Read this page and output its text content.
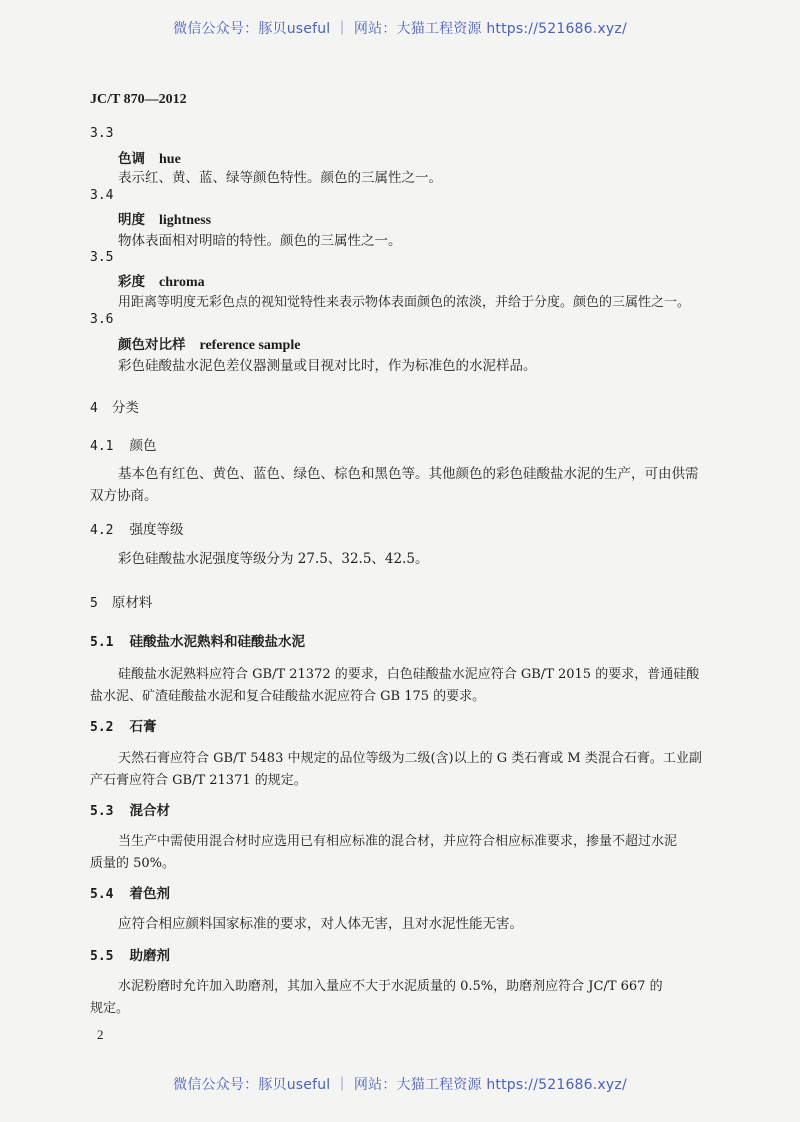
微信公众号：豚贝useful ｜ 网站：大猫工程资源 https://521686.xyz/
JC/T 870—2012
3.3
色调 hue
表示红、黄、蓝、绿等颜色特性。颜色的三属性之一。
3.4
明度 lightness
物体表面相对明暗的特性。颜色的三属性之一。
3.5
彩度 chroma
用距离等明度无彩色点的视知觉特性来表示物体表面颜色的浓淡，并给于分度。颜色的三属性之一。
3.6
颜色对比样 reference sample
彩色硅酸盐水泥色差仪器测量或目视对比时，作为标准色的水泥样品。
4 分类
4.1 颜色
基本色有红色、黄色、蓝色、绿色、棕色和黑色等。其他颜色的彩色硅酸盐水泥的生产，可由供需
双方协商。
4.2 强度等级
彩色硅酸盐水泥强度等级分为 27.5、32.5、42.5。
5 原材料
5.1 硅酸盐水泥熟料和硅酸盐水泥
硅酸盐水泥熟料应符合 GB/T 21372 的要求，白色硅酸盐水泥应符合 GB/T 2015 的要求，普通硅酸
盐水泥、矿渣硅酸盐水泥和复合硅酸盐水泥应符合 GB 175 的要求。
5.2 石膏
天然石膏应符合 GB/T 5483 中规定的品位等级为二级(含)以上的 G 类石膏或 M 类混合石膏。工业副
产石膏应符合 GB/T 21371 的规定。
5.3 混合材
当生产中需使用混合材时应选用已有相应标准的混合材，并应符合相应标准要求，掺量不超过水泥
质量的 50%。
5.4 着色剂
应符合相应颜料国家标准的要求，对人体无害，且对水泥性能无害。
5.5 助磨剂
水泥粉磨时允许加入助磨剂，其加入量应不大于水泥质量的 0.5%，助磨剂应符合 JC/T 667 的
规定。
2
微信公众号：豚贝useful ｜ 网站：大猫工程资源 https://521686.xyz/
